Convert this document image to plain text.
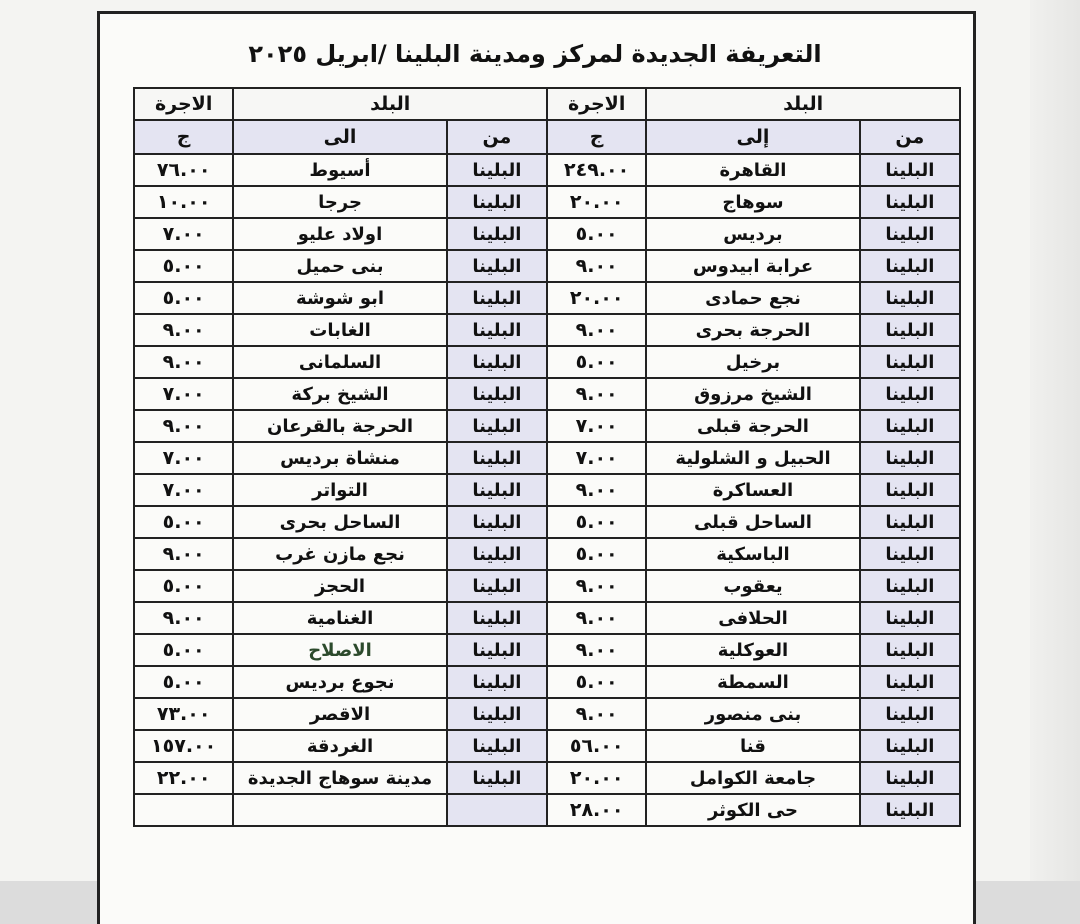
التعريفة الجديدة لمركز ومدينة البلينا /ابريل ٢٠٢٥
البلد		الاجرة	البلد		الاجرة
من	إلى	ج	من	الى	ج
البلينا	القاهرة	٢٤٩.٠٠	البلينا	أسيوط	٧٦.٠٠
البلينا	سوهاج	٢٠.٠٠	البلينا	جرجا	١٠.٠٠
البلينا	برديس	٥.٠٠	البلينا	اولاد عليو	٧.٠٠
البلينا	عرابة ابيدوس	٩.٠٠	البلينا	بنى حميل	٥.٠٠
البلينا	نجع حمادى	٢٠.٠٠	البلينا	ابو شوشة	٥.٠٠
البلينا	الحرجة بحرى	٩.٠٠	البلينا	الغابات	٩.٠٠
البلينا	برخيل	٥.٠٠	البلينا	السلمانى	٩.٠٠
البلينا	الشيخ مرزوق	٩.٠٠	البلينا	الشيخ بركة	٧.٠٠
البلينا	الحرجة قبلى	٧.٠٠	البلينا	الحرجة بالقرعان	٩.٠٠
البلينا	الحبيل و الشلولية	٧.٠٠	البلينا	منشاة برديس	٧.٠٠
البلينا	العساكرة	٩.٠٠	البلينا	التواتر	٧.٠٠
البلينا	الساحل قبلى	٥.٠٠	البلينا	الساحل بحرى	٥.٠٠
البلينا	الباسكية	٥.٠٠	البلينا	نجع مازن غرب	٩.٠٠
البلينا	يعقوب	٩.٠٠	البلينا	الحجز	٥.٠٠
البلينا	الحلافى	٩.٠٠	البلينا	الغنامية	٩.٠٠
البلينا	العوكلية	٩.٠٠	البلينا	الاصلاح	٥.٠٠
البلينا	السمطة	٥.٠٠	البلينا	نجوع برديس	٥.٠٠
البلينا	بنى منصور	٩.٠٠	البلينا	الاقصر	٧٣.٠٠
البلينا	قنا	٥٦.٠٠	البلينا	الغردقة	١٥٧.٠٠
البلينا	جامعة الكوامل	٢٠.٠٠	البلينا	مدينة سوهاج الجديدة	٢٢.٠٠
البلينا	حى الكوثر	٢٨.٠٠			
